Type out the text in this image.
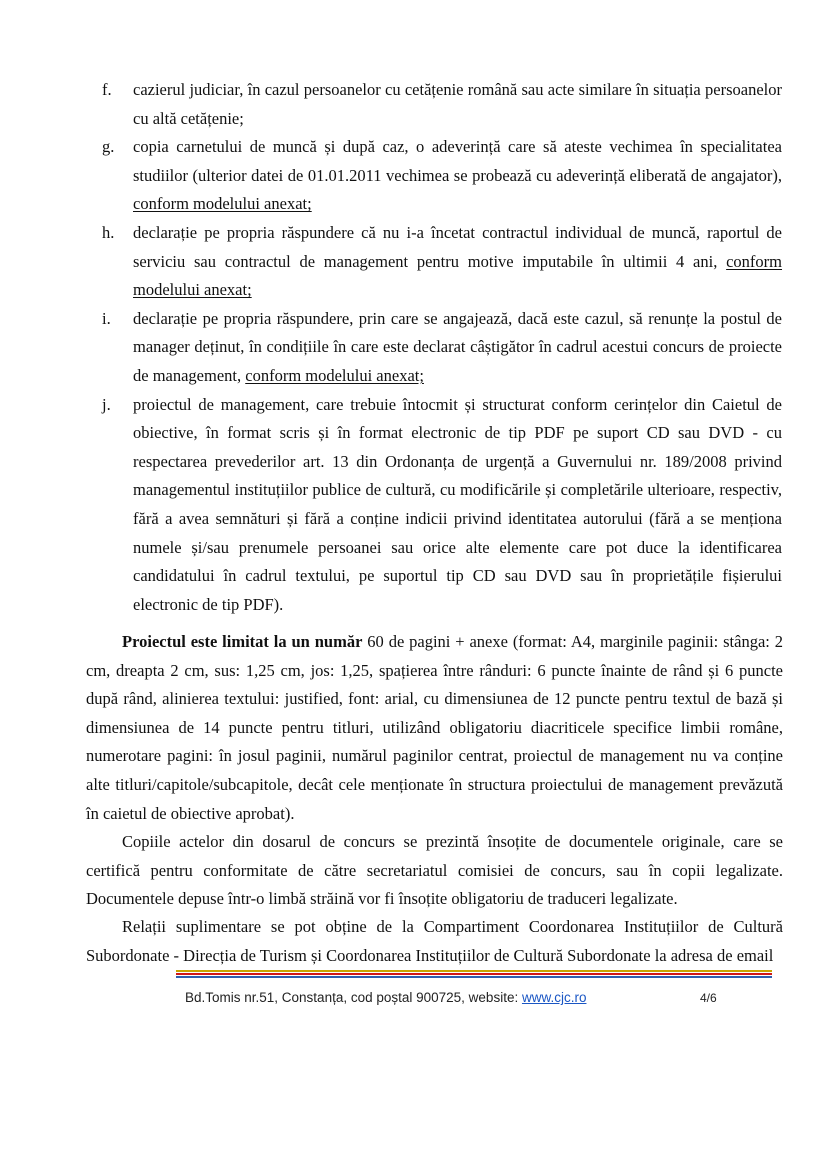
f.	cazierul judiciar, în cazul persoanelor cu cetățenie română sau acte similare în situația persoanelor cu altă cetățenie;
g.	copia carnetului de muncă și după caz, o adeverință care să ateste vechimea în specialitatea studiilor (ulterior datei de 01.01.2011 vechimea se probează cu adeverință eliberată de angajator), conform modelului anexat;
h.	declarație pe propria răspundere că nu i-a încetat contractul individual de muncă, raportul de serviciu sau contractul de management pentru motive imputabile în ultimii 4 ani, conform modelului anexat;
i.	declarație pe propria răspundere, prin care se angajează, dacă este cazul, să renunțe la postul de manager deținut, în condițiile în care este declarat câștigător în cadrul acestui concurs de proiecte de management, conform modelului anexat;
j.	proiectul de management, care trebuie întocmit și structurat conform cerințelor din Caietul de obiective, în format scris și în format electronic de tip PDF pe suport CD sau DVD - cu respectarea prevederilor art. 13 din Ordonanța de urgență a Guvernului nr. 189/2008 privind managementul instituțiilor publice de cultură, cu modificările și completările ulterioare, respectiv, fără a avea semnături și fără a conține indicii privind identitatea autorului (fără a se menționa numele și/sau prenumele persoanei sau orice alte elemente care pot duce la identificarea candidatului în cadrul textului, pe suportul tip CD sau DVD sau în proprietățile fișierului electronic de tip PDF).

Proiectul este limitat la un număr 60 de pagini + anexe (format: A4, marginile paginii: stânga: 2 cm, dreapta 2 cm, sus: 1,25 cm, jos: 1,25, spațierea între rânduri: 6 puncte înainte de rând și 6 puncte după rând, alinierea textului: justified, font: arial, cu dimensiunea de 12 puncte pentru textul de bază și dimensiunea de 14 puncte pentru titluri, utilizând obligatoriu diacriticele specifice limbii române, numerotare pagini: în josul paginii, numărul paginilor centrat, proiectul de management nu va conține alte titluri/capitole/subcapitole, decât cele menționate în structura proiectului de management prevăzută în caietul de obiective aprobat).

Copiile actelor din dosarul de concurs se prezintă însoțite de documentele originale, care se certifică pentru conformitate de către secretariatul comisiei de concurs, sau în copii legalizate. Documentele depuse într-o limbă străină vor fi însoțite obligatoriu de traduceri legalizate.

Relații suplimentare se pot obține de la Compartiment Coordonarea Instituțiilor de Cultură Subordonate - Direcția de Turism și Coordonarea Instituțiilor de Cultură Subordonate la adresa de email

Bd.Tomis nr.51, Constanța, cod poștal 900725, website: www.cjc.ro	4/6
